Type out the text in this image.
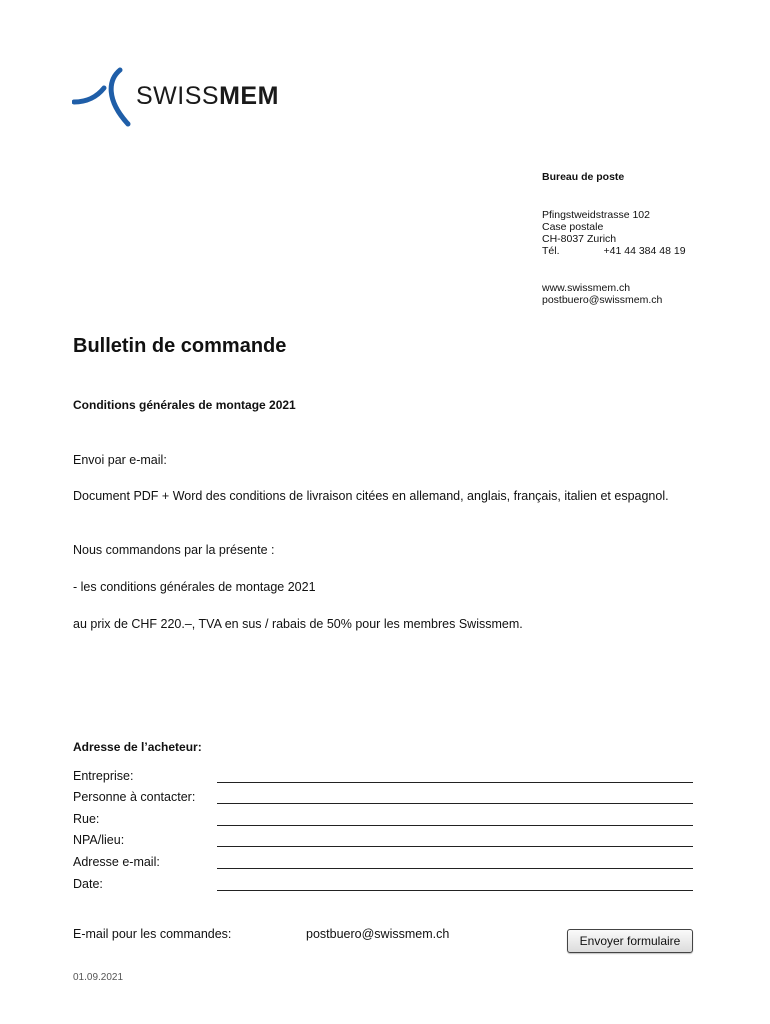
SWISSMEM
Bureau de poste
Pfingstweidstrasse 102
Case postale
CH-8037 Zurich
Tél.	+41 44 384 48 19
www.swissmem.ch
postbuero@swissmem.ch
Bulletin de commande
Conditions générales de montage 2021
Envoi par e-mail:
Document PDF + Word des conditions de livraison citées en allemand, anglais, français, italien et espagnol.
Nous commandons par la présente :
- les conditions générales de montage 2021
au prix de CHF 220.–, TVA en sus / rabais de 50% pour les membres Swissmem.
Adresse de l’acheteur:
Entreprise:
Personne à contacter:
Rue:
NPA/lieu:
Adresse e-mail:
Date:
E-mail pour les commandes:	postbuero@swissmem.ch	Envoyer formulaire
01.09.2021
